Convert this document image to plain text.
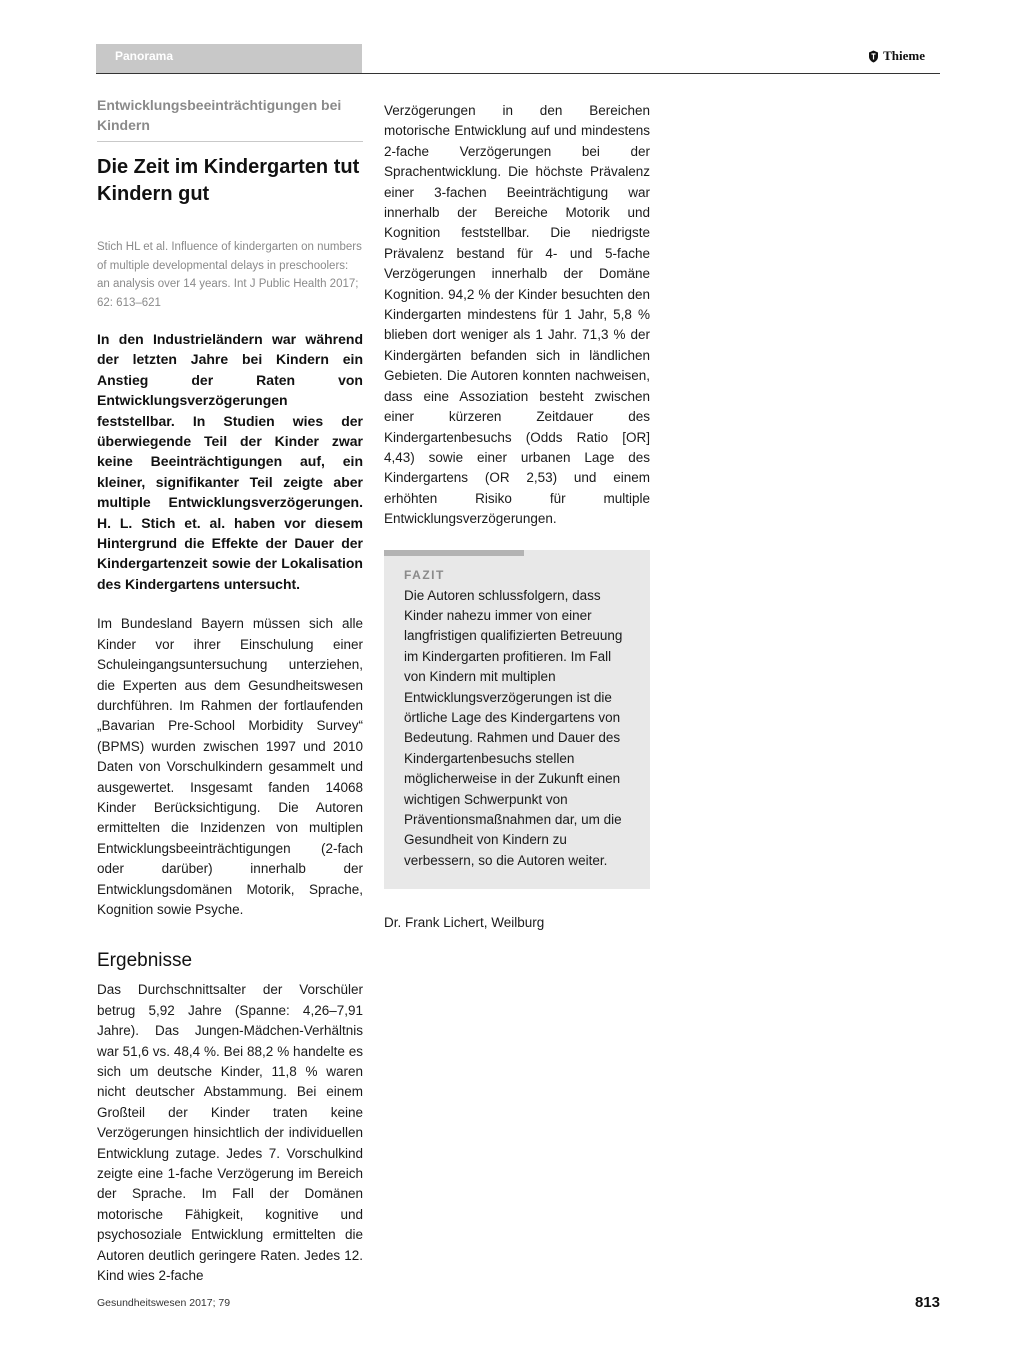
Panorama	Thieme
Entwicklungsbeeinträchtigungen bei Kindern
Die Zeit im Kindergarten tut Kindern gut
Stich HL et al. Influence of kindergarten on numbers of multiple developmental delays in preschoolers: an analysis over 14 years. Int J Public Health 2017; 62: 613–621
In den Industrieländern war während der letzten Jahre bei Kindern ein Anstieg der Raten von Entwicklungsverzögerungen feststellbar. In Studien wies der überwiegende Teil der Kinder zwar keine Beeinträchtigungen auf, ein kleiner, signifikanter Teil zeigte aber multiple Entwicklungsverzögerungen. H. L. Stich et. al. haben vor diesem Hintergrund die Effekte der Dauer der Kindergartenzeit sowie der Lokalisation des Kindergartens untersucht.

Im Bundesland Bayern müssen sich alle Kinder vor ihrer Einschulung einer Schuleingangsuntersuchung unterziehen, die Experten aus dem Gesundheitswesen durchführen. Im Rahmen der fortlaufenden „Bavarian Pre-School Morbidity Survey“ (BPMS) wurden zwischen 1997 und 2010 Daten von Vorschulkindern gesammelt und ausgewertet. Insgesamt fanden 14068 Kinder Berücksichtigung. Die Autoren ermittelten die Inzidenzen von multiplen Entwicklungsbeeinträchtigungen (2-fach oder darüber) innerhalb der Entwicklungsdomänen Motorik, Sprache, Kognition sowie Psyche.

Ergebnisse

Das Durchschnittsalter der Vorschüler betrug 5,92 Jahre (Spanne: 4,26–7,91 Jahre). Das Jungen-Mädchen-Verhältnis war 51,6 vs. 48,4 %. Bei 88,2 % handelte es sich um deutsche Kinder, 11,8 % waren nicht deutscher Abstammung. Bei einem Großteil der Kinder traten keine Verzögerungen hinsichtlich der individuellen Entwicklung zutage. Jedes 7. Vorschulkind zeigte eine 1-fache Verzögerung im Bereich der Sprache. Im Fall der Domänen motorische Fähigkeit, kognitive und psychosoziale Entwicklung ermittelten die Autoren deutlich geringere Raten. Jedes 12. Kind wies 2-fache

Verzögerungen in den Bereichen motorische Entwicklung auf und mindestens 2-fache Verzögerungen bei der Sprachentwicklung. Die höchste Prävalenz einer 3-fachen Beeinträchtigung war innerhalb der Bereiche Motorik und Kognition feststellbar. Die niedrigste Prävalenz bestand für 4- und 5-fache Verzögerungen innerhalb der Domäne Kognition. 94,2 % der Kinder besuchten den Kindergarten mindestens für 1 Jahr, 5,8 % blieben dort weniger als 1 Jahr. 71,3 % der Kindergärten befanden sich in ländlichen Gebieten. Die Autoren konnten nachweisen, dass eine Assoziation besteht zwischen einer kürzeren Zeitdauer des Kindergartenbesuchs (Odds Ratio [OR] 4,43) sowie einer urbanen Lage des Kindergartens (OR 2,53) und einem erhöhten Risiko für multiple Entwicklungsverzögerungen.

FAZIT

Die Autoren schlussfolgern, dass Kinder nahezu immer von einer langfristigen qualifizierten Betreuung im Kindergarten profitieren. Im Fall von Kindern mit multiplen Entwicklungsverzögerungen ist die örtliche Lage des Kindergartens von Bedeutung. Rahmen und Dauer des Kindergartenbesuchs stellen möglicherweise in der Zukunft einen wichtigen Schwerpunkt von Präventionsmaßnahmen dar, um die Gesundheit von Kindern zu verbessern, so die Autoren weiter.

Dr. Frank Lichert, Weilburg
Gesundheitswesen 2017; 79	813
